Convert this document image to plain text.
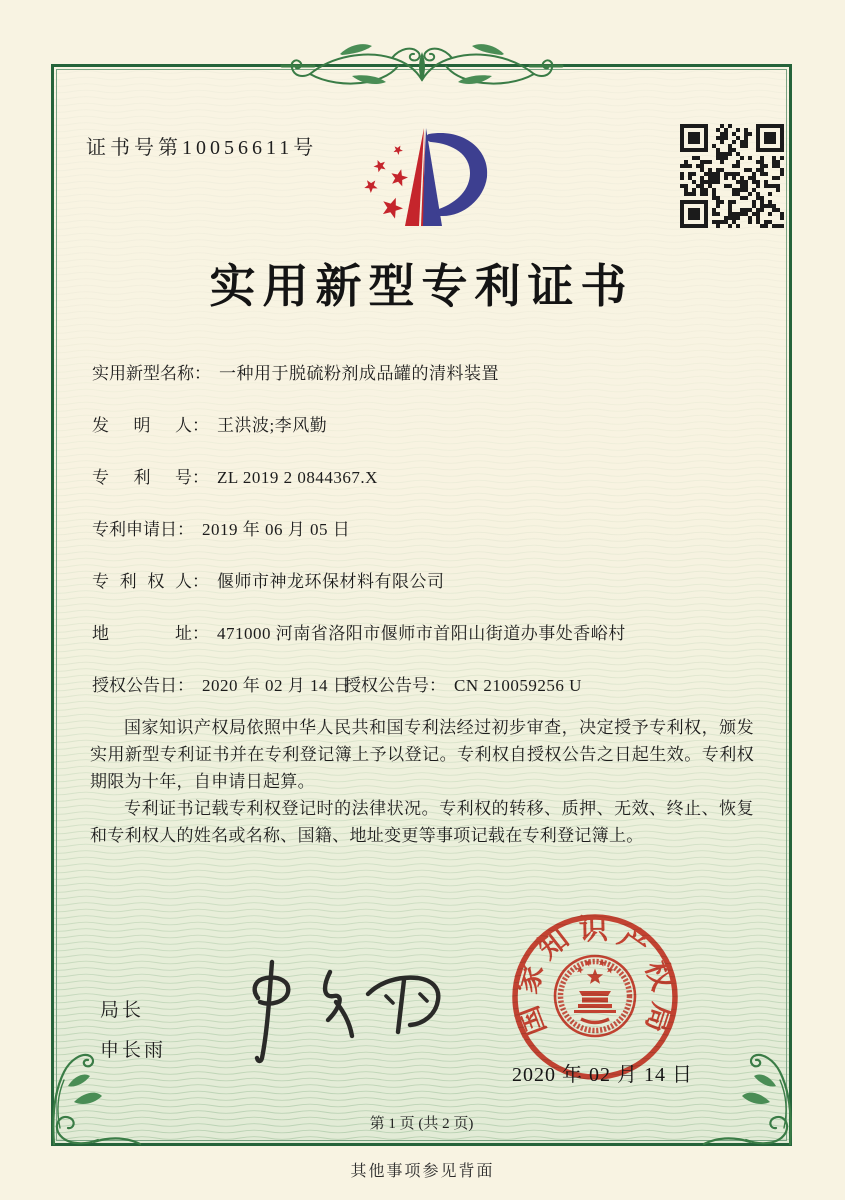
证书号第10056611号
实用新型专利证书
实用新型名称： 一种用于脱硫粉剂成品罐的清料装置
发明人： 王洪波;李风勤
专利号： ZL 2019 2 0844367.X
专利申请日： 2019 年 06 月 05 日
专利权人： 偃师市神龙环保材料有限公司
地址： 471000 河南省洛阳市偃师市首阳山街道办事处香峪村
授权公告日： 2020 年 02 月 14 日
授权公告号： CN 210059256 U

国家知识产权局依照中华人民共和国专利法经过初步审查，决定授予专利权，颁发实用新型专利证书并在专利登记簿上予以登记。专利权自授权公告之日起生效。专利权期限为十年，自申请日起算。

专利证书记载专利权登记时的法律状况。专利权的转移、质押、无效、终止、恢复和专利权人的姓名或名称、国籍、地址变更等事项记载在专利登记簿上。

局长
申长雨
国家知识产权局
2020 年 02 月 14 日
第 1 页 (共 2 页)
其他事项参见背面
